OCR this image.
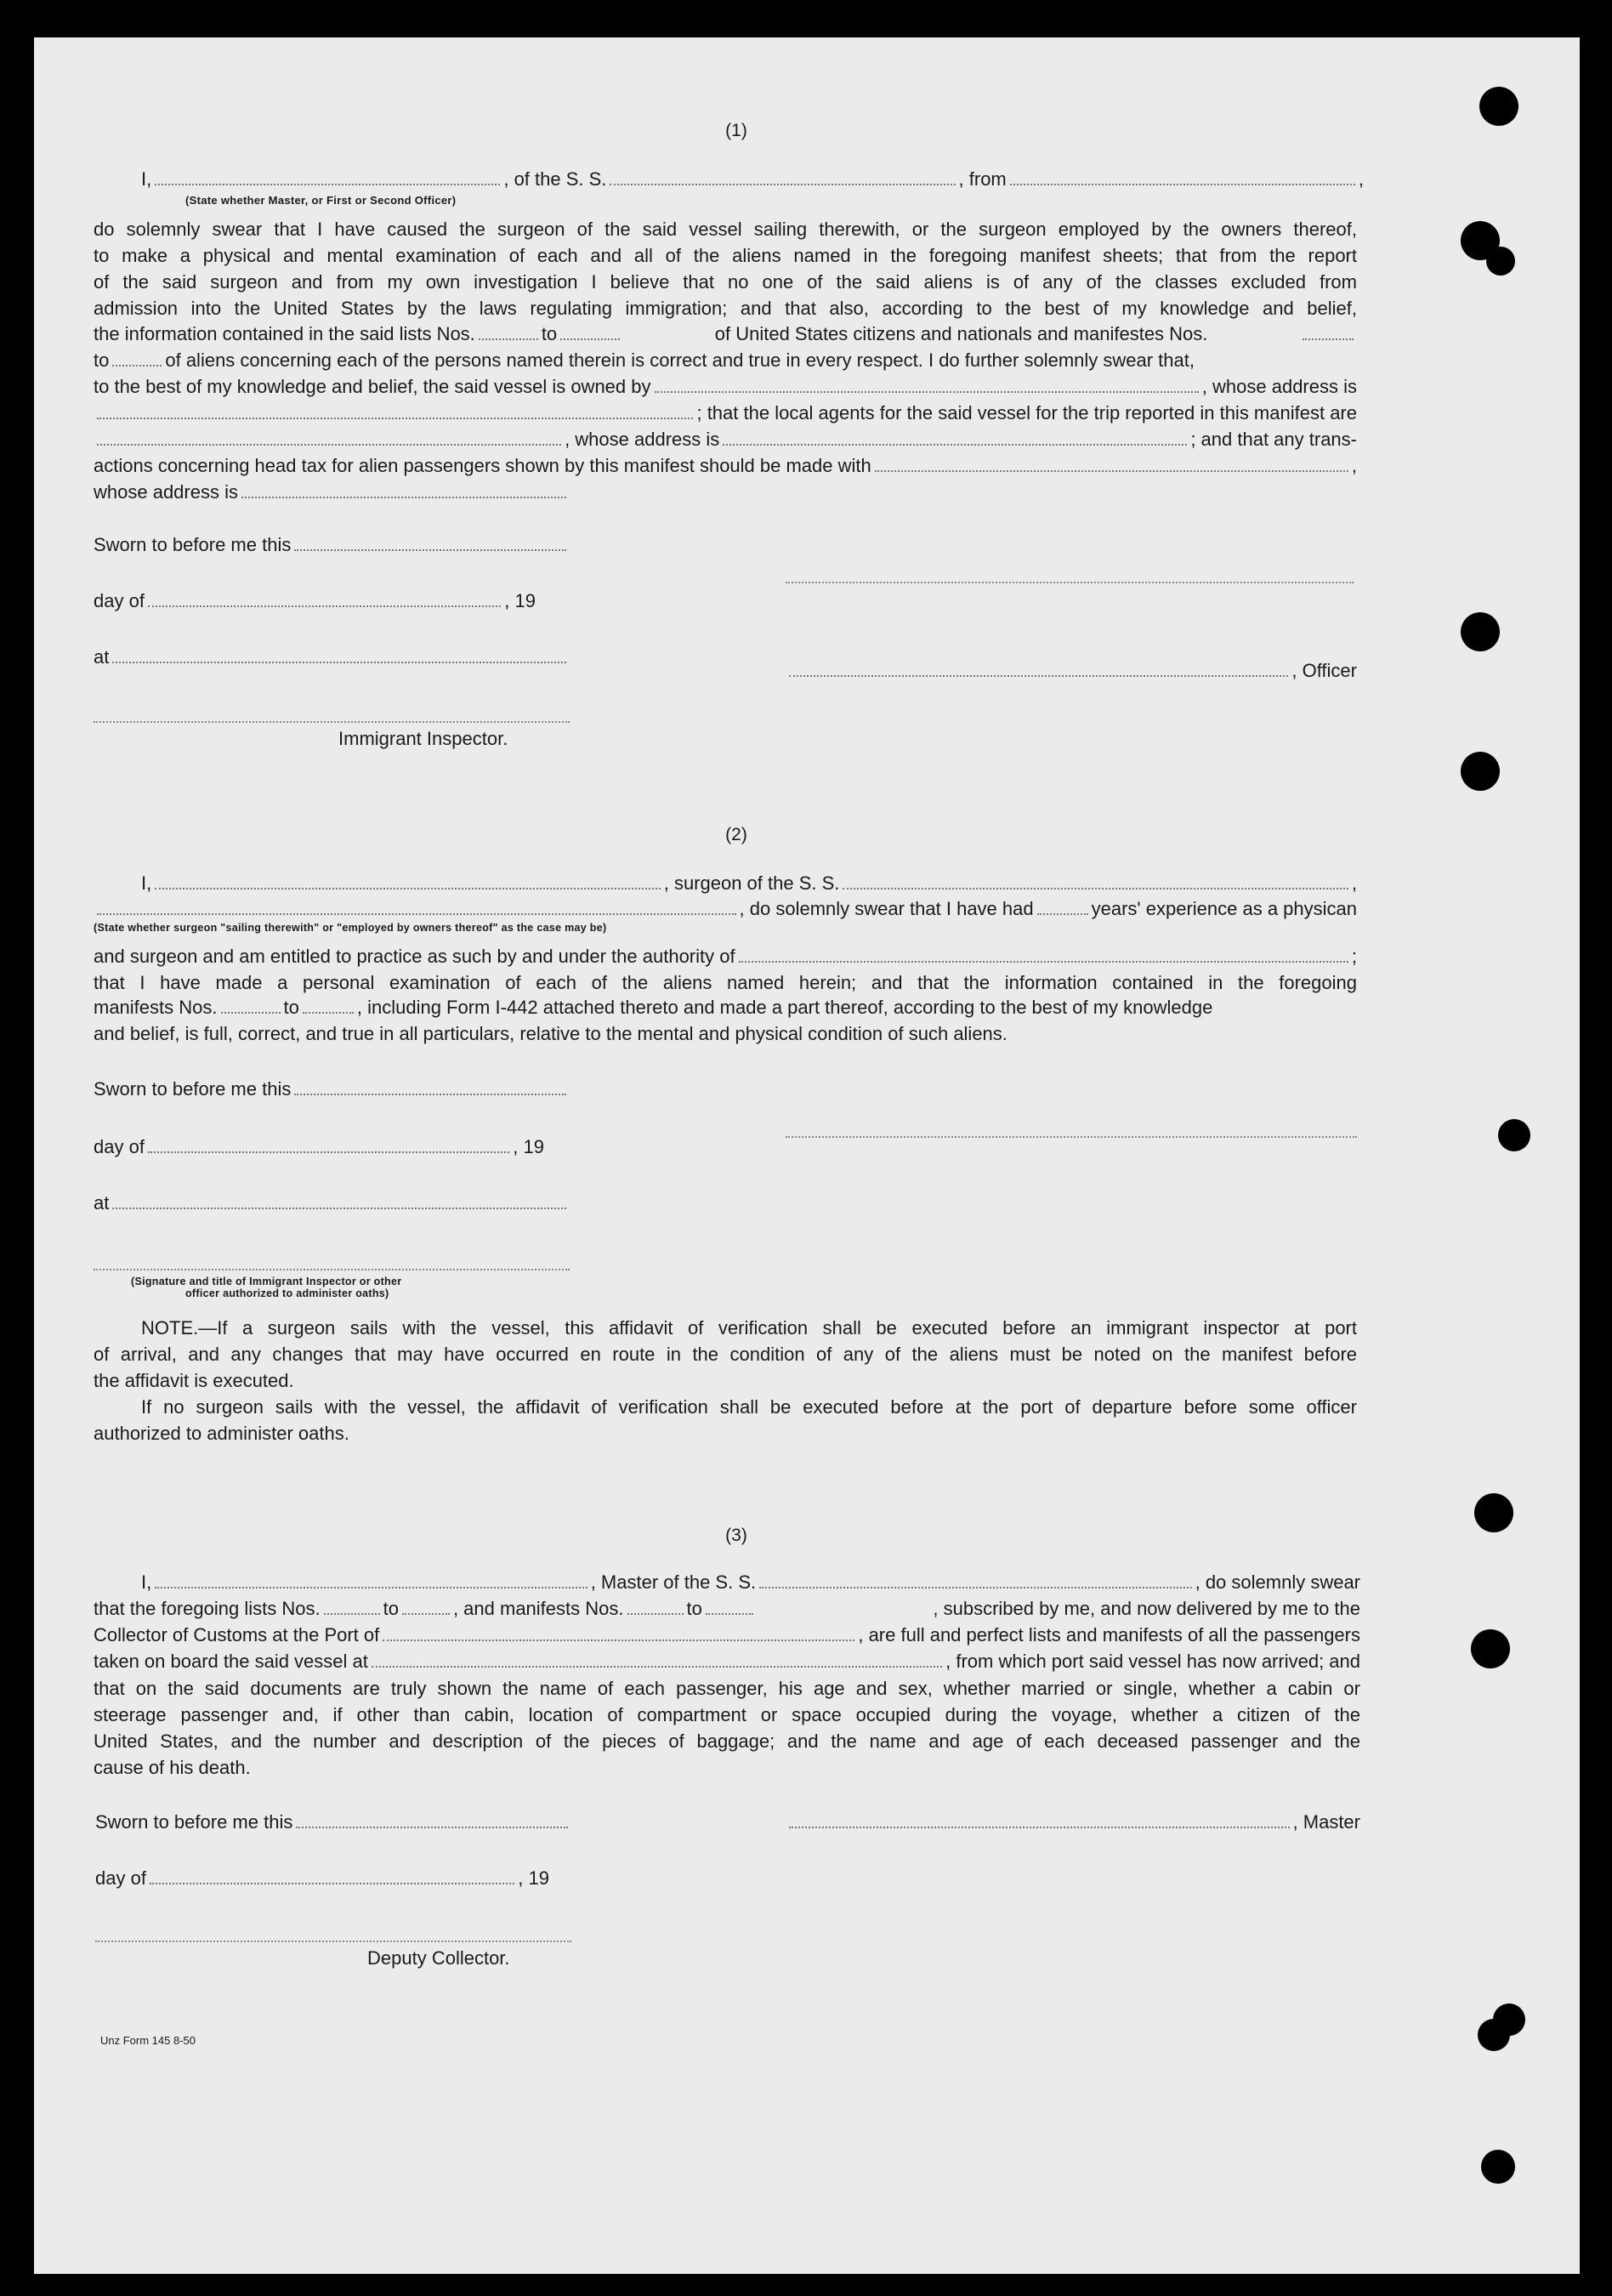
(1)
I,	, of the S. S.	, from	,
(State whether Master, or First or Second Officer)

do solemnly swear that I have caused the surgeon of the said vessel sailing therewith, or the surgeon employed by the owners thereof,

to make a physical and mental examination of each and all of the aliens named in the foregoing manifest sheets; that from the report

of the said surgeon and from my own investigation I believe that no one of the said aliens is of any of the classes excluded from

admission into the United States by the laws regulating immigration; and that also, according to the best of my knowledge and belief,

the information contained in the said lists Nos.	to	of United States citizens and nationals and manifestes Nos.
to	of aliens concerning each of the persons named therein is correct and true in every respect. I do further solemnly swear that,
to the best of my knowledge and belief, the said vessel is owned by	, whose address is
; that the local agents for the said vessel for the trip reported in this manifest are
, whose address is	; and that any trans-
actions concerning head tax for alien passengers shown by this manifest should be made with	,
whose address is
Sworn to before me this
day of	, 19
at
, Officer
Immigrant Inspector.
(2)
I,	, surgeon of the S. S.	,
, do solemnly swear that I have had	years' experience as a physican
(State whether surgeon "sailing therewith" or "employed by owners thereof" as the case may be)
and surgeon and am entitled to practice as such by and under the authority of	;

that I have made a personal examination of each of the aliens named herein; and that the information contained in the foregoing

manifests Nos.	to	, including Form I-442 attached thereto and made a part thereof, according to the best of my knowledge

and belief, is full, correct, and true in all particulars, relative to the mental and physical condition of such aliens.

Sworn to before me this
day of	, 19
at
(Signature and title of Immigrant Inspector or other
officer authorized to administer oaths)

NOTE.—If a surgeon sails with the vessel, this affidavit of verification shall be executed before an immigrant inspector at port

of arrival, and any changes that may have occurred en route in the condition of any of the aliens must be noted on the manifest before

the affidavit is executed.

If no surgeon sails with the vessel, the affidavit of verification shall be executed before at the port of departure before some officer

authorized to administer oaths.

(3)
I,	, Master of the S. S.	, do solemnly swear
that the foregoing lists Nos.	to	, and manifests Nos.	to	, subscribed by me, and now delivered by me to the
Collector of Customs at the Port of	, are full and perfect lists and manifests of all the passengers
taken on board the said vessel at	, from which port said vessel has now arrived; and

that on the said documents are truly shown the name of each passenger, his age and sex, whether married or single, whether a cabin or

steerage passenger and, if other than cabin, location of compartment or space occupied during the voyage, whether a citizen of the

United States, and the number and description of the pieces of baggage; and the name and age of each deceased passenger and the

cause of his death.

Sworn to before me this	, Master
day of	, 19
Deputy Collector.
Unz Form 145 8-50
